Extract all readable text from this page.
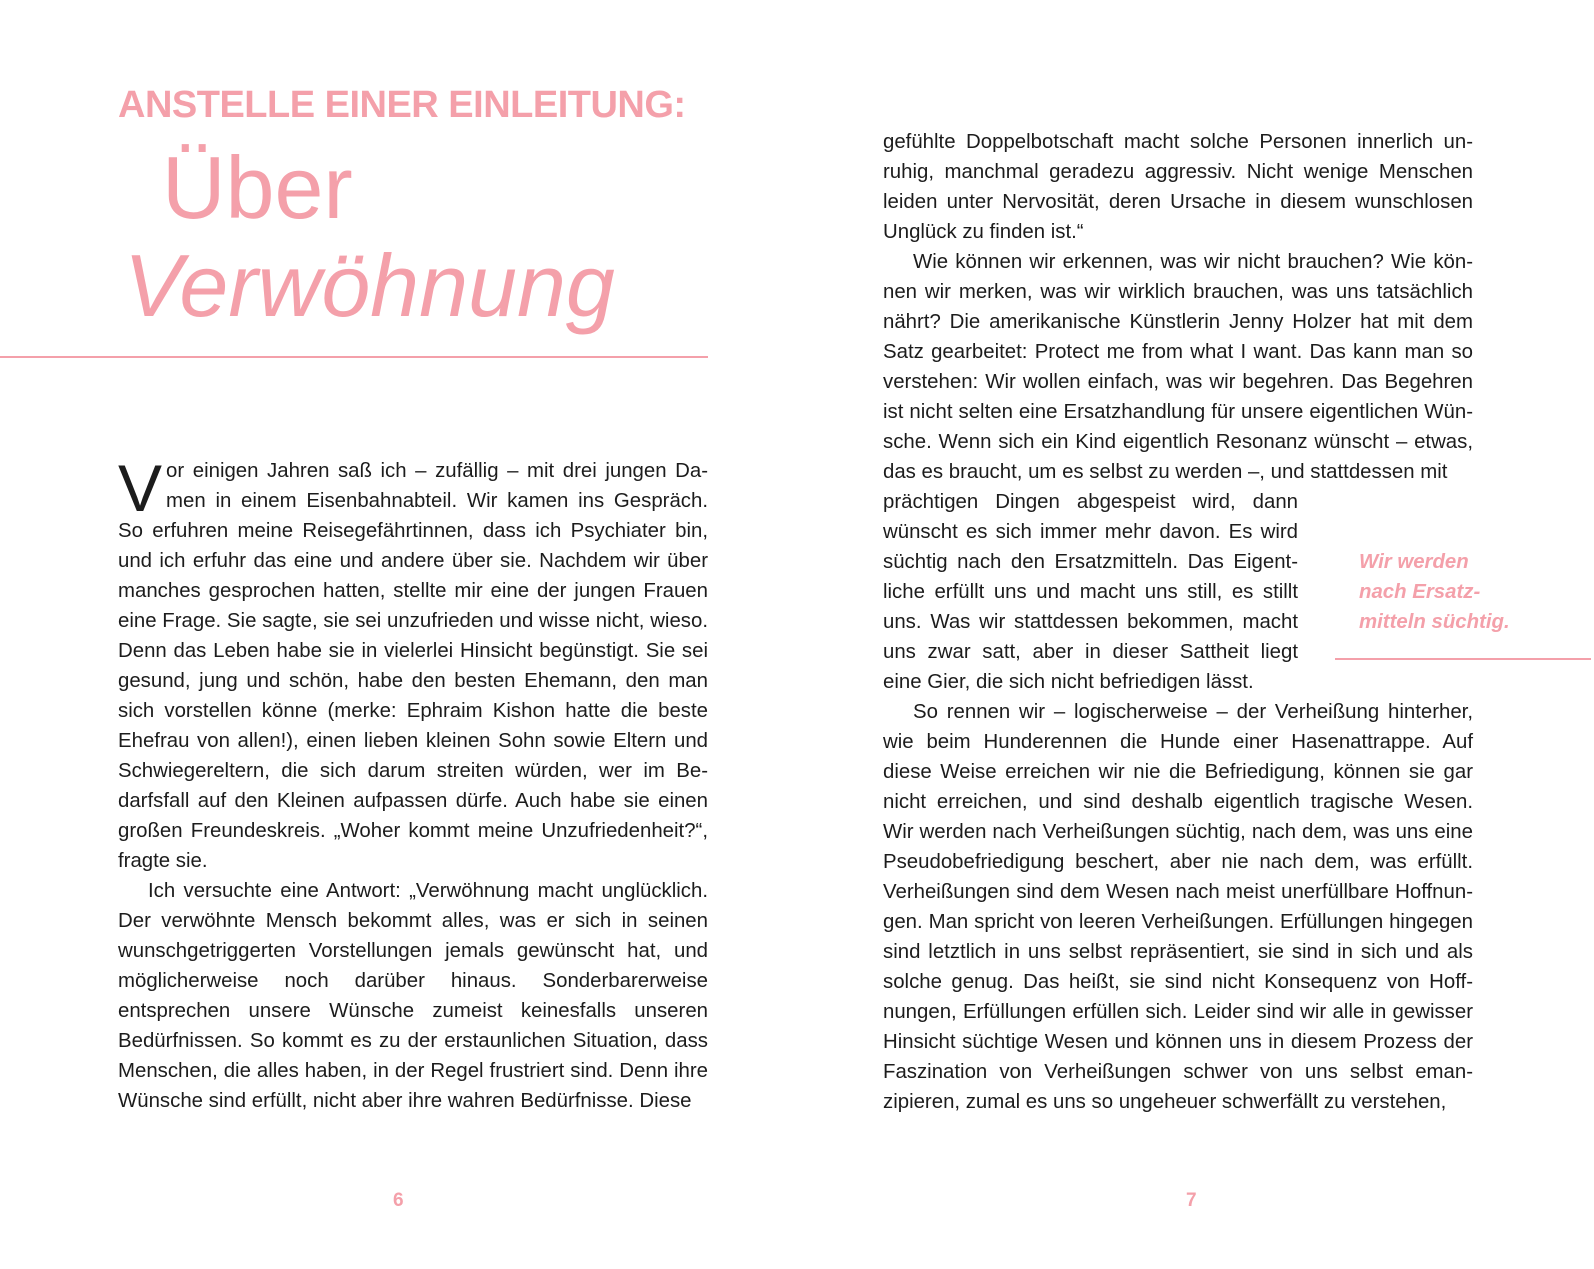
ANSTELLE EINER EINLEITUNG:
Über
Verwöhnung

Vor einigen Jahren saß ich – zufällig – mit drei jungen Damen in einem Eisenbahnabteil. Wir kamen ins Gespräch. So erfuhren meine Reisegefährtinnen, dass ich Psychiater bin, und ich erfuhr das eine und andere über sie. Nachdem wir über manches gesprochen hatten, stellte mir eine der jungen Frauen eine Frage. Sie sagte, sie sei unzufrieden und wisse nicht, wieso. Denn das Leben habe sie in vielerlei Hinsicht begünstigt. Sie sei gesund, jung und schön, habe den besten Ehemann, den man sich vorstellen könne (merke: Ephraim Kishon hatte die beste Ehefrau von allen!), einen lieben kleinen Sohn sowie Eltern und Schwiegereltern, die sich darum streiten würden, wer im Bedarfsfall auf den Kleinen aufpassen dürfe. Auch habe sie einen großen Freundeskreis. „Woher kommt meine Unzufriedenheit?“, fragte sie.

Ich versuchte eine Antwort: „Verwöhnung macht unglücklich. Der verwöhnte Mensch bekommt alles, was er sich in seinen wunschgetriggerten Vorstellungen jemals gewünscht hat, und möglicherweise noch darüber hinaus. Sonderbarerweise entsprechen unsere Wünsche zumeist keinesfalls unseren Bedürfnissen. So kommt es zu der erstaunlichen Situation, dass Menschen, die alles haben, in der Regel frustriert sind. Denn ihre Wünsche sind erfüllt, nicht aber ihre wahren Bedürfnisse. Diese

6

gefühlte Doppelbotschaft macht solche Personen innerlich unruhig, manchmal geradezu aggressiv. Nicht wenige Menschen leiden unter Nervosität, deren Ursache in diesem wunschlosen Unglück zu finden ist.“

Wie können wir erkennen, was wir nicht brauchen? Wie können wir merken, was wir wirklich brauchen, was uns tatsächlich nährt? Die amerikanische Künstlerin Jenny Holzer hat mit dem Satz gearbeitet: Protect me from what I want. Das kann man so verstehen: Wir wollen einfach, was wir begehren. Das Begehren ist nicht selten eine Ersatzhandlung für unsere eigentlichen Wünsche. Wenn sich ein Kind eigentlich Resonanz wünscht – etwas, das es braucht, um es selbst zu werden –, und stattdessen mit

prächtigen Dingen abgespeist wird, dann wünscht es sich immer mehr davon. Es wird süchtig nach den Ersatzmitteln. Das Eigentliche erfüllt uns und macht uns still, es stillt uns. Was wir stattdessen bekommen, macht uns zwar satt, aber in dieser Sattheit liegt eine Gier, die sich nicht befriedigen lässt.

Wir werden
nach Ersatz-
mitteln süchtig.

So rennen wir – logischerweise – der Verheißung hinterher, wie beim Hunderennen die Hunde einer Hasenattrappe. Auf diese Weise erreichen wir nie die Befriedigung, können sie gar nicht erreichen, und sind deshalb eigentlich tragische Wesen. Wir werden nach Verheißungen süchtig, nach dem, was uns eine Pseudobefriedigung beschert, aber nie nach dem, was erfüllt. Verheißungen sind dem Wesen nach meist unerfüllbare Hoffnungen. Man spricht von leeren Verheißungen. Erfüllungen hingegen sind letztlich in uns selbst repräsentiert, sie sind in sich und als solche genug. Das heißt, sie sind nicht Konsequenz von Hoffnungen, Erfüllungen erfüllen sich. Leider sind wir alle in gewisser Hinsicht süchtige Wesen und können uns in diesem Prozess der Faszination von Verheißungen schwer von uns selbst emanzipieren, zumal es uns so ungeheuer schwerfällt zu verstehen,

7
